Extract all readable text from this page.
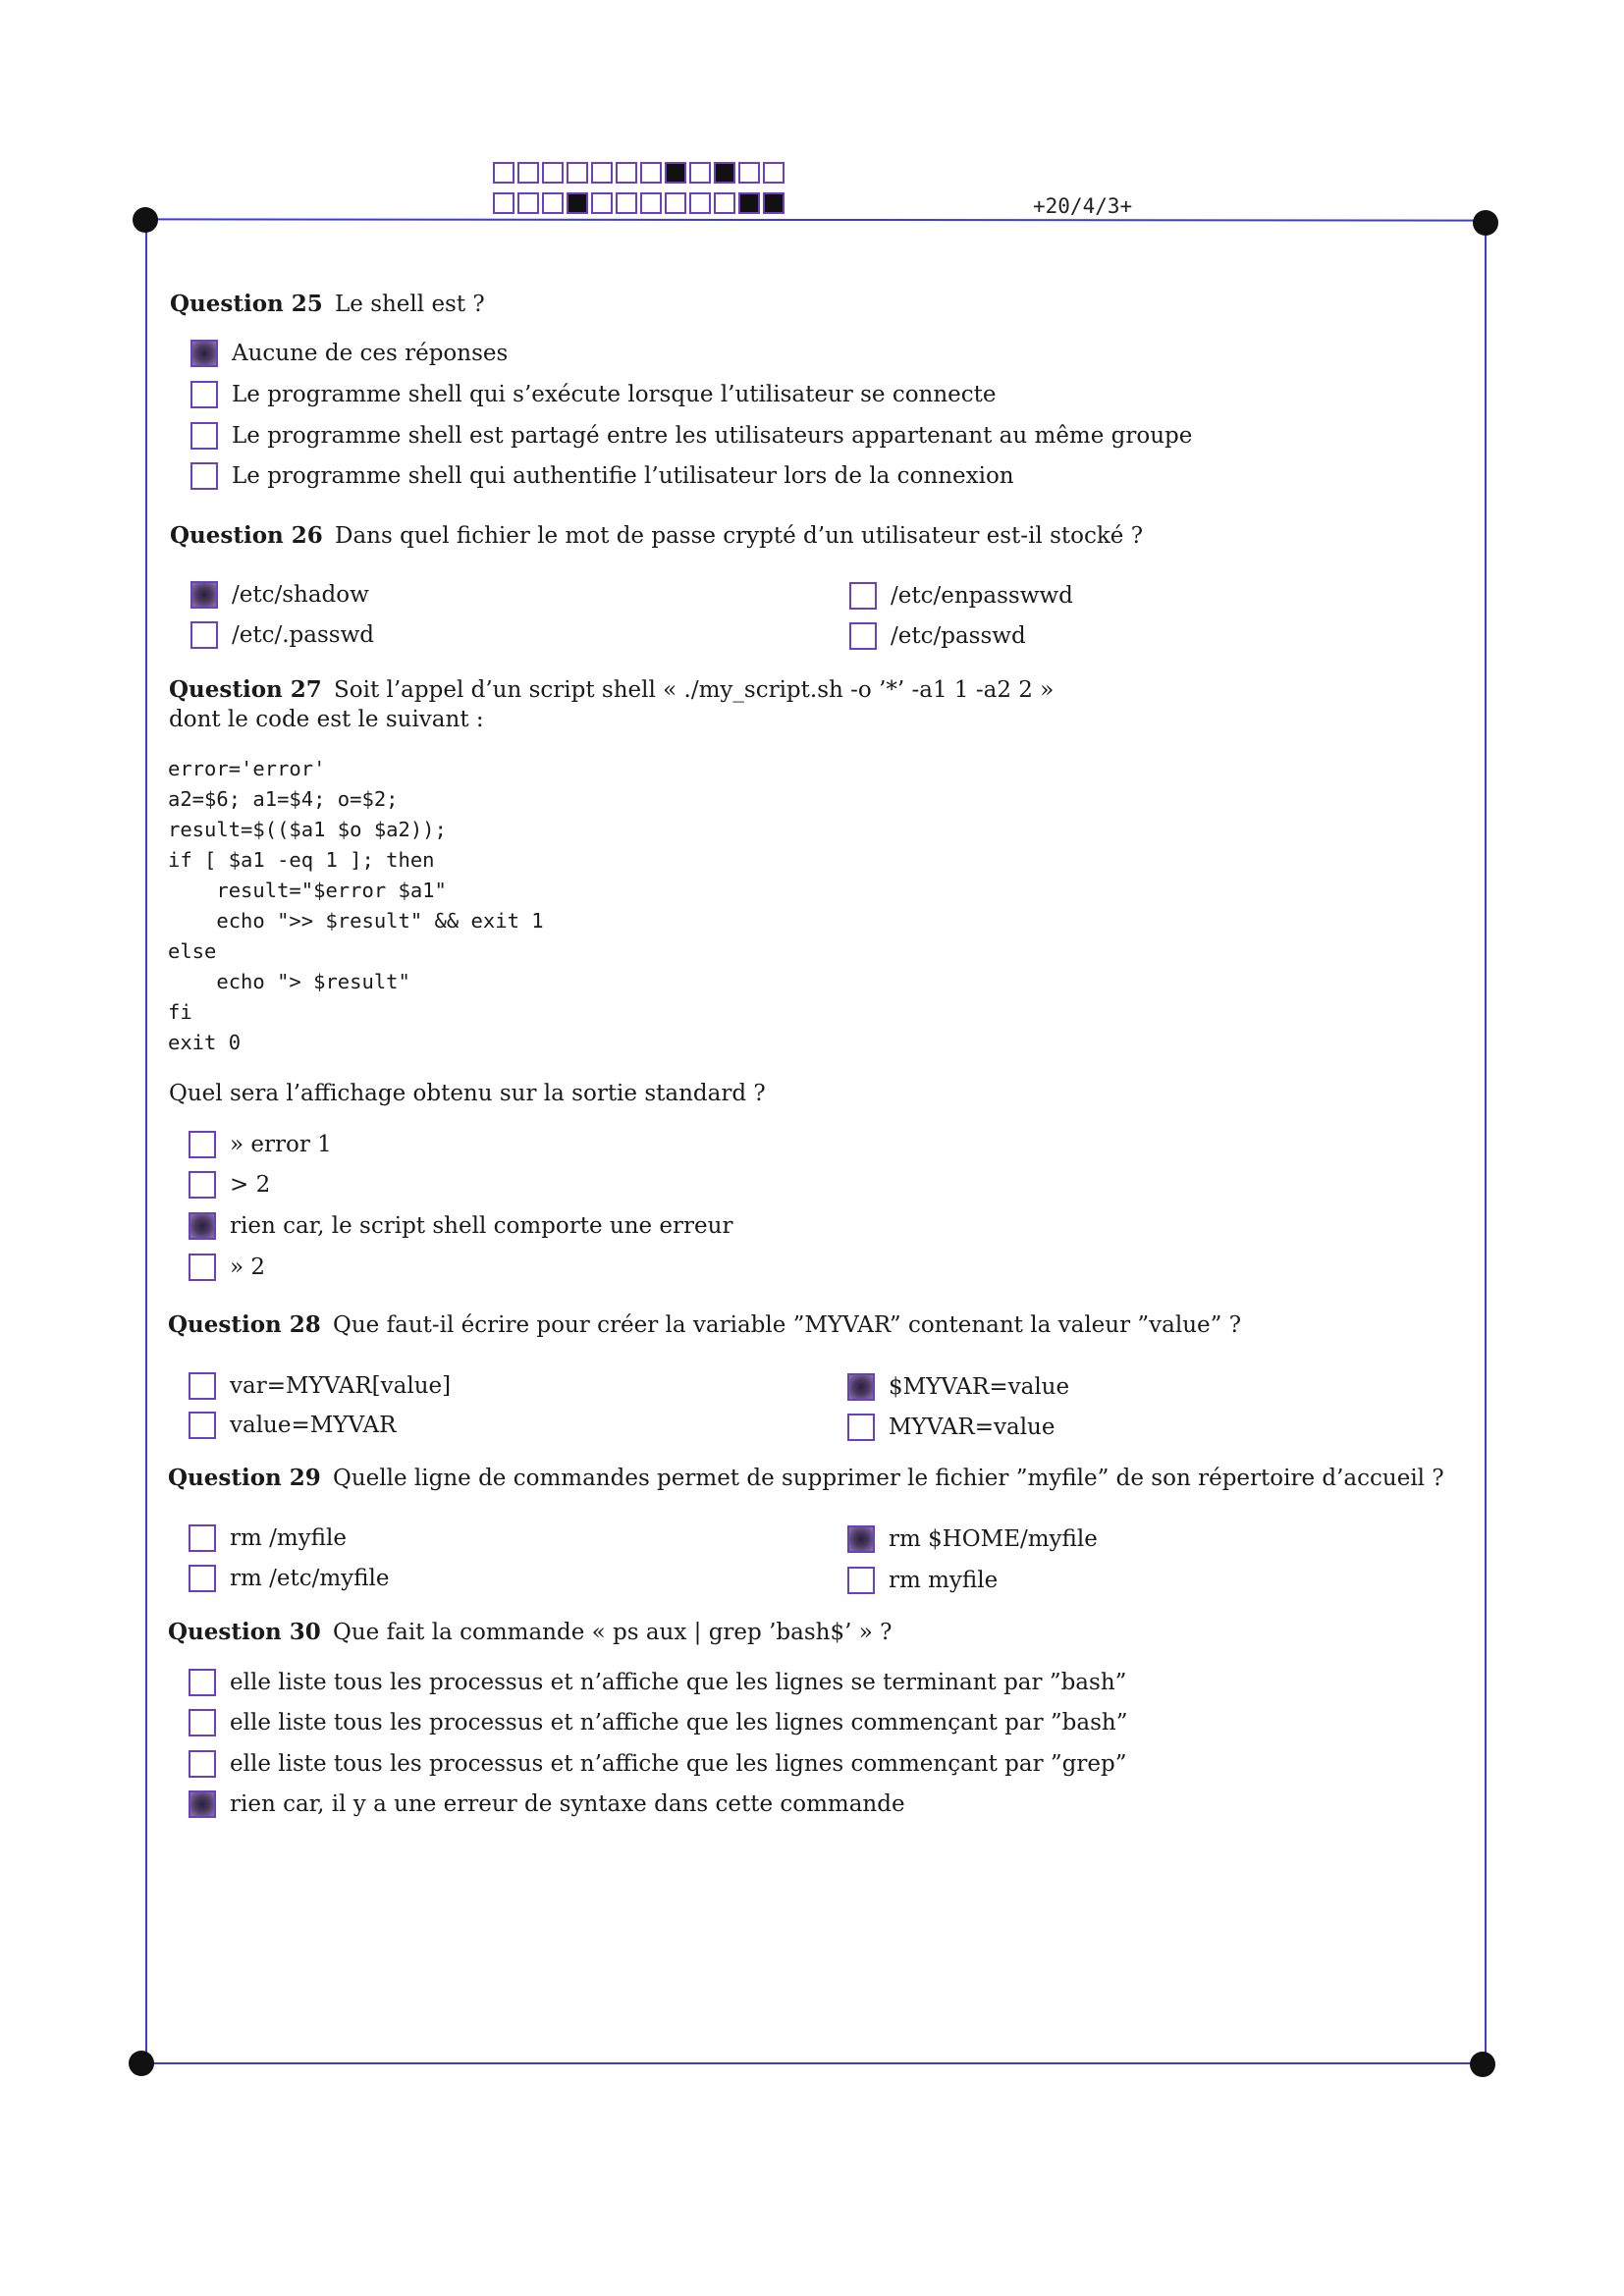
+20/4/3+
Question 25 Le shell est ?
Aucune de ces réponses
Le programme shell qui s’exécute lorsque l’utilisateur se connecte
Le programme shell est partagé entre les utilisateurs appartenant au même groupe
Le programme shell qui authentifie l’utilisateur lors de la connexion
Question 26 Dans quel fichier le mot de passe crypté d’un utilisateur est-il stocké ?
/etc/shadow	/etc/enpasswwd
/etc/.passwd	/etc/passwd
Question 27 Soit l’appel d’un script shell « ./my_script.sh -o ’*’ -a1 1 -a2 2 »
dont le code est le suivant :
error='error'
a2=$6; a1=$4; o=$2;
result=$(($a1 $o $a2));
if [ $a1 -eq 1 ]; then
result="$error $a1"
echo ">> $result" && exit 1
else
echo "> $result"
fi
exit 0
Quel sera l’affichage obtenu sur la sortie standard ?
» error 1
> 2
rien car, le script shell comporte une erreur
» 2
Question 28 Que faut-il écrire pour créer la variable ”MYVAR” contenant la valeur ”value” ?
var=MYVAR[value]	$MYVAR=value
value=MYVAR	MYVAR=value
Question 29 Quelle ligne de commandes permet de supprimer le fichier ”myfile” de son répertoire d’accueil ?
rm /myfile	rm $HOME/myfile
rm /etc/myfile	rm myfile
Question 30 Que fait la commande « ps aux | grep ’bash$’ » ?
elle liste tous les processus et n’affiche que les lignes se terminant par ”bash”
elle liste tous les processus et n’affiche que les lignes commençant par ”bash”
elle liste tous les processus et n’affiche que les lignes commençant par ”grep”
rien car, il y a une erreur de syntaxe dans cette commande
